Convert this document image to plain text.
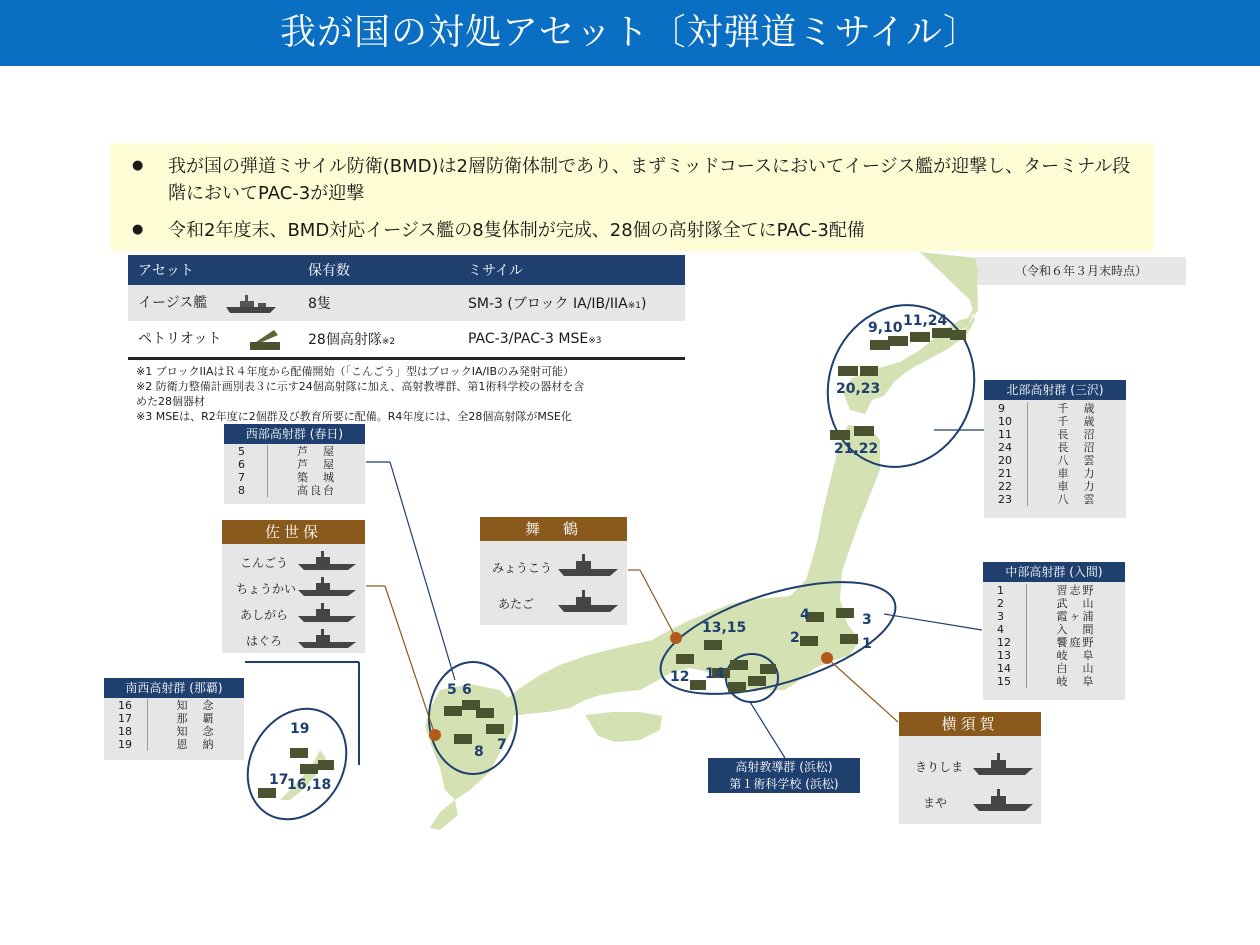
我が国の対処アセット〔対弾道ミサイル〕
● 我が国の弾道ミサイル防衛(BMD)は2層防衛体制であり、まずミッドコースにおいてイージス艦が迎撃し、ターミナル段階においてPAC-3が迎撃
● 令和2年度末、BMD対応イージス艦の8隻体制が完成、28個の高射隊全てにPAC-3配備
（令和６年３月末時点）
9,10 11,24
20,23
21,22
13,15
4	3
2	1
12 14
5 6
7
8
19
17
16,18
アセット	保有数	ミサイル
イージス艦	8隻	SM-3 (ブロック IA/IB/IIA※1)
ペトリオット	28個高射隊※2	PAC-3/PAC-3 MSE※3
※1 ブロックIIAはＲ４年度から配備開始（「こんごう」型はブロックIA/IBのみ発射可能）
※2 防衛力整備計画別表３に示す24個高射隊に加え、高射教導群、第1術科学校の器材を含
めた28個器材
※3 MSEは、R2年度に2個群及び教育所要に配備。R4年度には、全28個高射隊がMSE化
西部高射群 (春日)
5	芦　屋
6	芦　屋
7	築　城
8	高良台
南西高射群 (那覇)
16	知　念
17	那　覇
18	知　念
19	恩　納
北部高射群 (三沢)
9	千　歳
10	千　歳
11	長　沼
24	長　沼
20	八　雲
21	車　力
22	車　力
23	八　雲
中部高射群 (入間)
1	習志野
2	武　山
3	霞ヶ浦
4	入　間
12	饗庭野
13	岐　阜
14	白　山
15	岐　阜
高射教導群 (浜松)
第１術科学校 (浜松)
佐世保
こんごう
ちょうかい
あしがら
はぐろ
舞　鶴
みょうこう
あたご
横須賀
きりしま
まや
